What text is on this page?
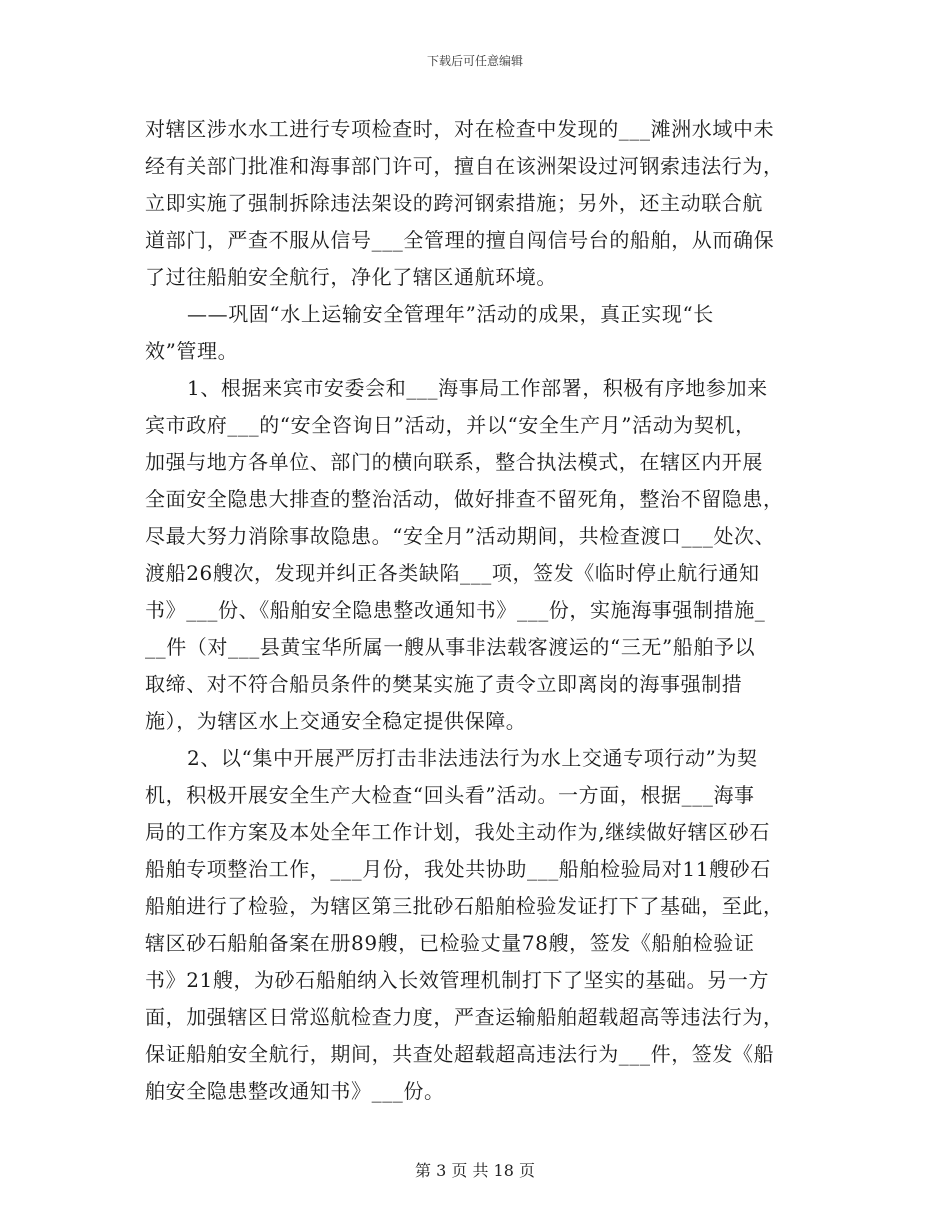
下载后可任意编辑
对辖区涉水水工进行专项检查时，对在检查中发现的___滩洲水域中未
经有关部门批准和海事部门许可，擅自在该洲架设过河钢索违法行为，
立即实施了强制拆除违法架设的跨河钢索措施；另外，还主动联合航
道部门，严查不服从信号___全管理的擅自闯信号台的船舶，从而确保
了过往船舶安全航行，净化了辖区通航环境。
——巩固“水上运输安全管理年”活动的成果，真正实现“长
效”管理。
1、根据来宾市安委会和___海事局工作部署，积极有序地参加来
宾市政府___的“安全咨询日”活动，并以“安全生产月”活动为契机，
加强与地方各单位、部门的横向联系，整合执法模式，在辖区内开展
全面安全隐患大排查的整治活动，做好排查不留死角，整治不留隐患，
尽最大努力消除事故隐患。“安全月”活动期间，共检查渡口___处次、
渡船26艘次，发现并纠正各类缺陷___项，签发《临时停止航行通知
书》___份、《船舶安全隐患整改通知书》___份，实施海事强制措施_
__件（对___县黄宝华所属一艘从事非法载客渡运的“三无”船舶予以
取缔、对不符合船员条件的樊某实施了责令立即离岗的海事强制措
施），为辖区水上交通安全稳定提供保障。
2、以“集中开展严厉打击非法违法行为水上交通专项行动”为契
机，积极开展安全生产大检查“回头看”活动。一方面，根据___海事
局的工作方案及本处全年工作计划，我处主动作为,继续做好辖区砂石
船舶专项整治工作，___月份，我处共协助___船舶检验局对11艘砂石
船舶进行了检验，为辖区第三批砂石船舶检验发证打下了基础，至此，
辖区砂石船舶备案在册89艘，已检验丈量78艘，签发《船舶检验证
书》21艘，为砂石船舶纳入长效管理机制打下了坚实的基础。另一方
面，加强辖区日常巡航检查力度，严查运输船舶超载超高等违法行为，
保证船舶安全航行，期间，共查处超载超高违法行为___件，签发《船
舶安全隐患整改通知书》___份。
第 3 页 共 18 页
